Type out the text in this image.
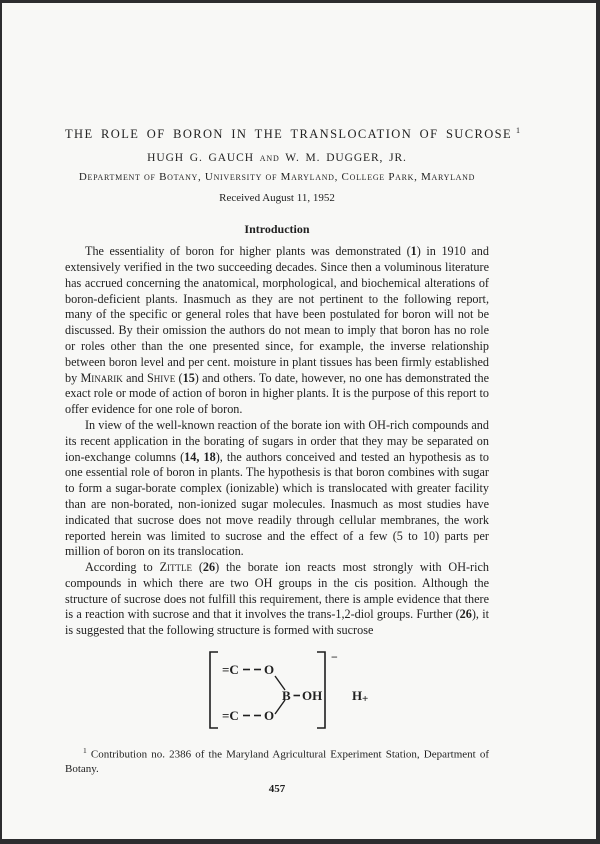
THE ROLE OF BORON IN THE TRANSLOCATION OF SUCROSE  $^1$
HUGH G. GAUCH and W. M. DUGGER, JR.
Department of Botany, University of Maryland, College Park, Maryland
Received August 11, 1952
Introduction

The essentiality of boron for higher plants was demonstrated (1) in 1910 and extensively verified in the two succeeding decades. Since then a voluminous literature has accrued concerning the anatomical, morphological, and biochemical alterations of boron-deficient plants. Inasmuch as they are not pertinent to the following report, many of the specific or general roles that have been postulated for boron will not be discussed. By their omission the authors do not mean to imply that boron has no role or roles other than the one presented since, for example, the inverse relationship between boron level and per cent. moisture in plant tissues has been firmly established by Minarik and Shive (15) and others. To date, however, no one has demonstrated the exact role or mode of action of boron in higher plants. It is the purpose of this report to offer evidence for one role of boron.

In view of the well-known reaction of the borate ion with OH-rich compounds and its recent application in the borating of sugars in order that they may be separated on ion-exchange columns (14, 18), the authors conceived and tested an hypothesis as to one essential role of boron in plants. The hypothesis is that boron combines with sugar to form a sugar-borate complex (ionizable) which is translocated with greater facility than are non-borated, non-ionized sugar molecules. Inasmuch as most studies have indicated that sucrose does not move readily through cellular membranes, the work reported herein was limited to sucrose and the effect of a few (5 to 10) parts per million of boron on its translocation.

According to Zittle (26) the borate ion reacts most strongly with OH-rich compounds in which there are two OH groups in the cis position. Although the structure of sucrose does not fulfill this requirement, there is ample evidence that there is a reaction with sucrose and that it involves the trans-1,2-diol groups. Further (26), it is suggested that the following structure is formed with sucrose

=C O
B OH
=C O
−
H +
$^1$ Contribution no. 2386 of the Maryland Agricultural Experiment Station, Department of Botany.
457
